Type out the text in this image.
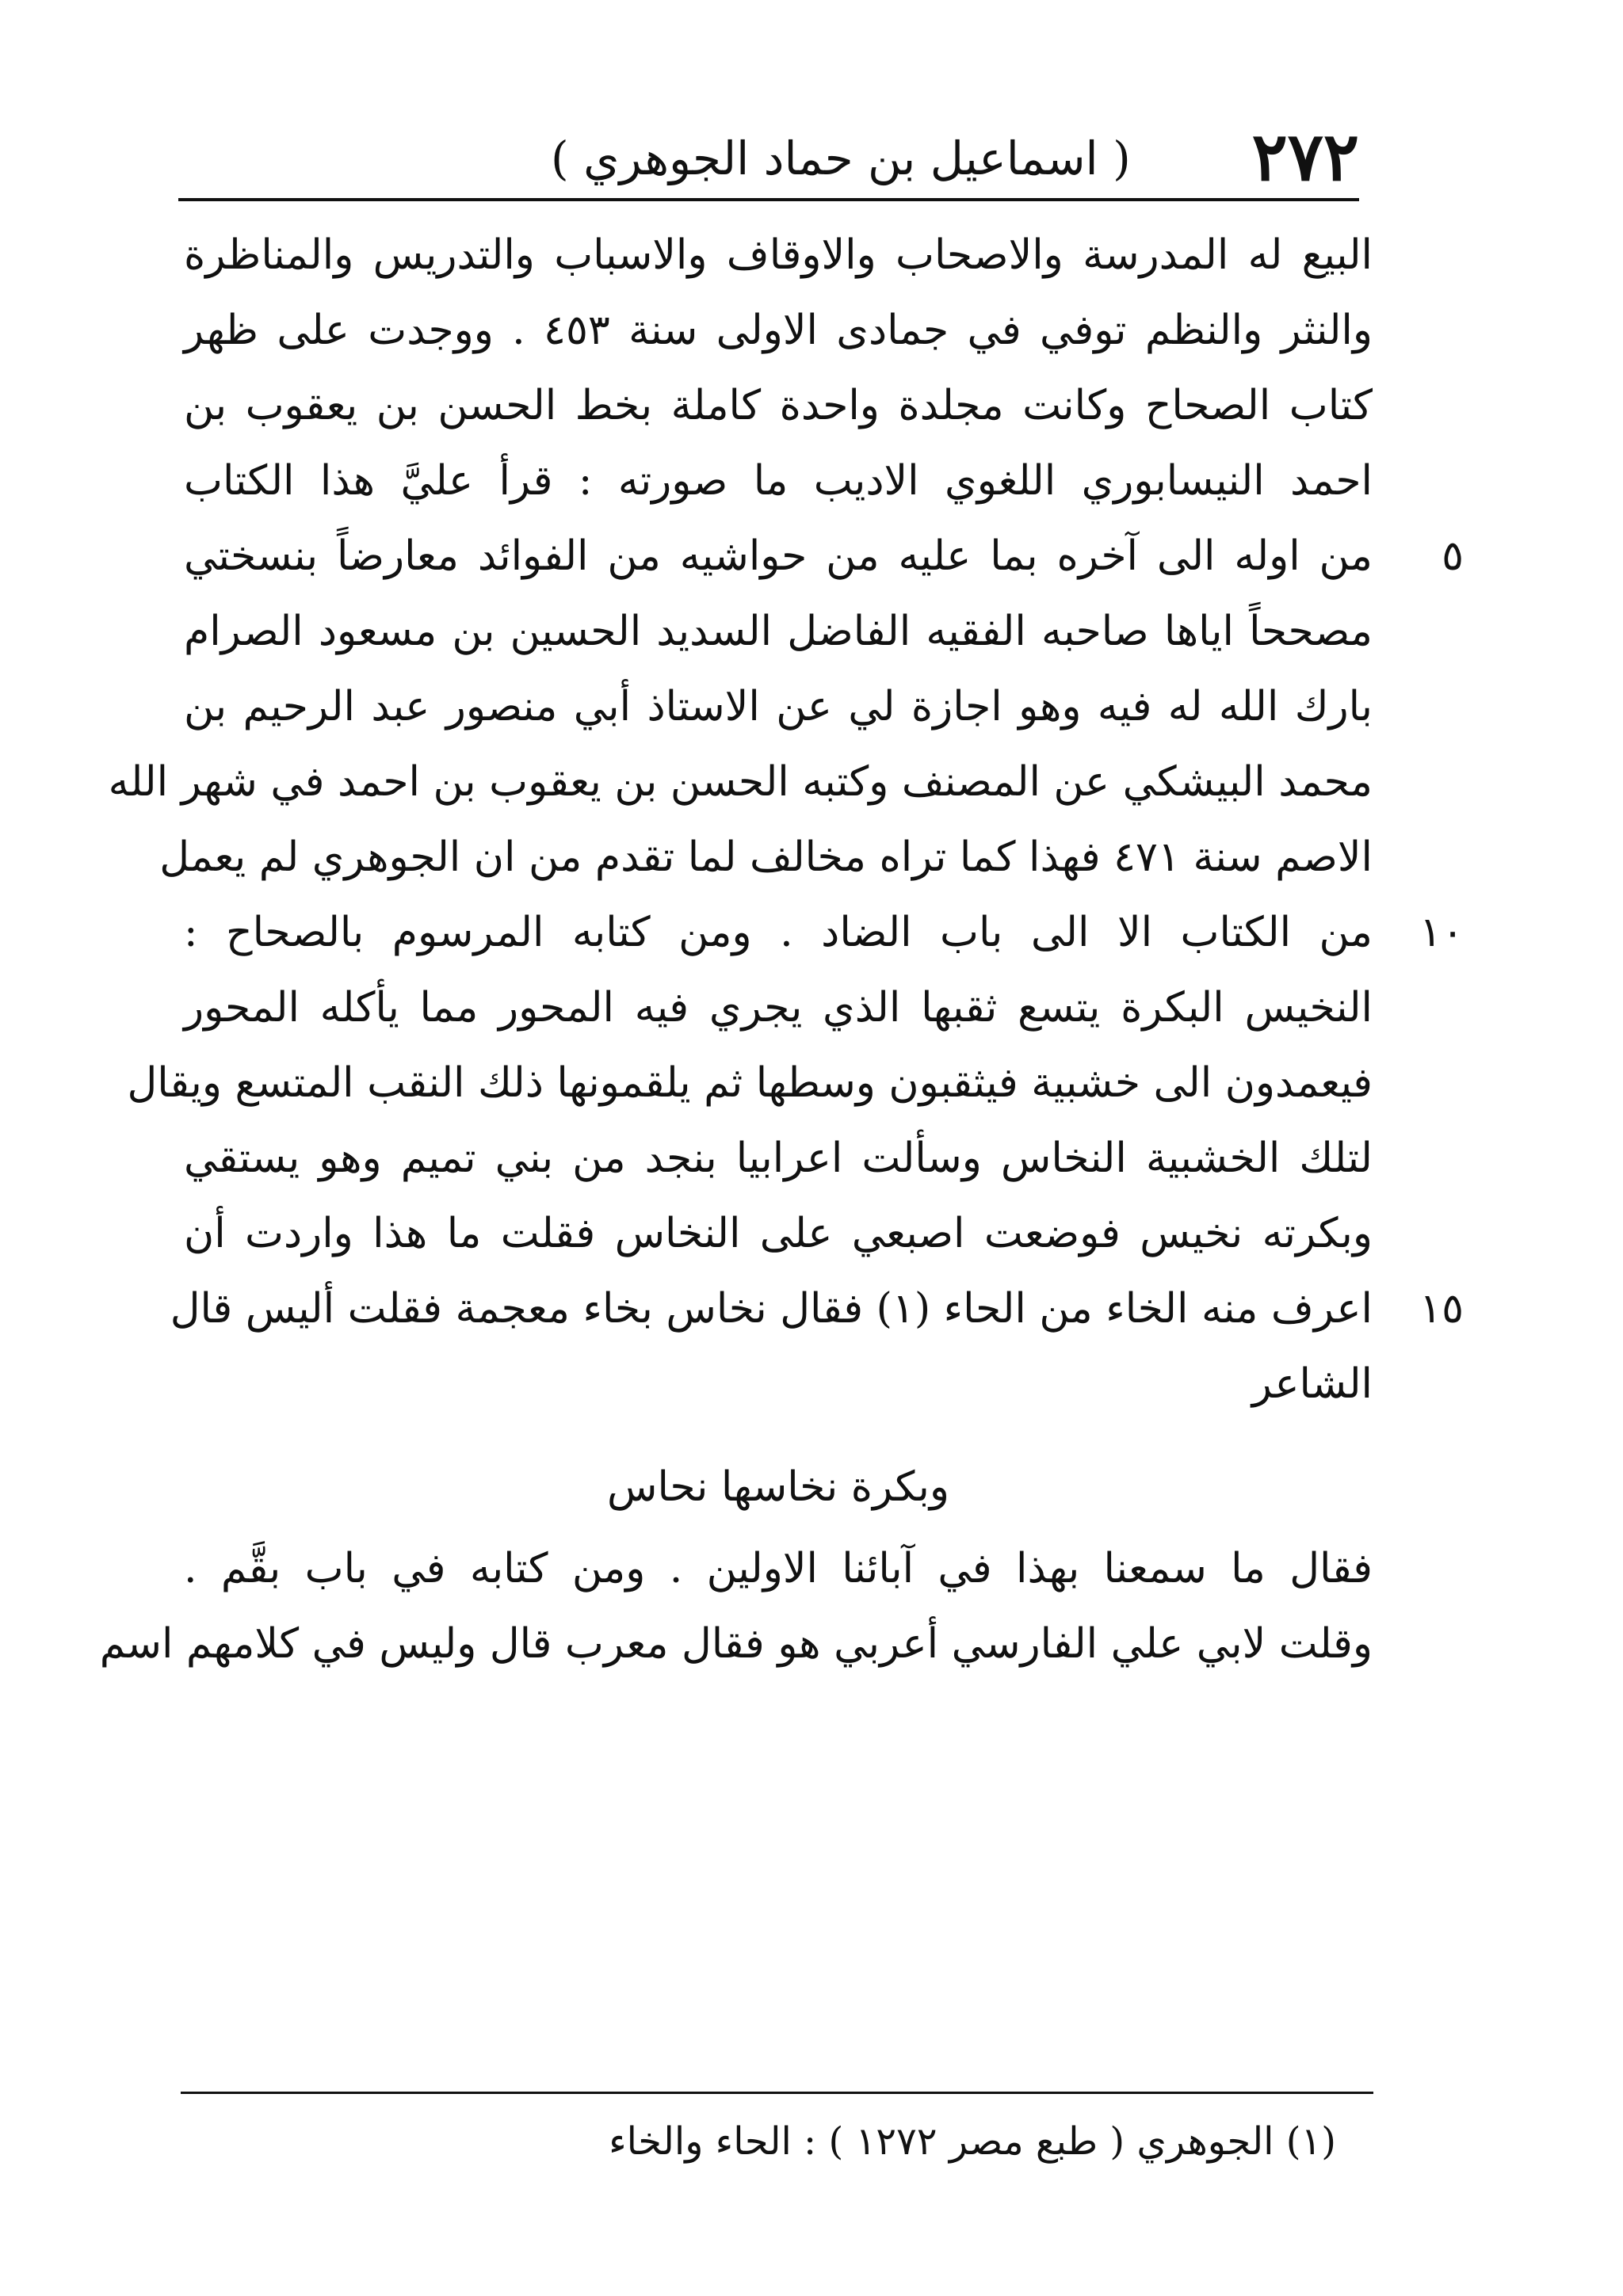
٢٧٢
( اسماعيل بن حماد الجوهري )
البيع له المدرسة والاصحاب والاوقاف والاسباب والتدريس والمناظرة
والنثر والنظم توفي في جمادى الاولى سنة ٤٥٣ . ووجدت على ظهر
كتاب الصحاح وكانت مجلدة واحدة كاملة بخط الحسن بن يعقوب بن
احمد النيسابوري اللغوي الاديب ما صورته : قرأ عليَّ هذا الكتاب
من اوله الى آخره بما عليه من حواشيه من الفوائد معارضاً بنسختي	٥
مصححاً اياها صاحبه الفقيه الفاضل السديد الحسين بن مسعود الصرام
بارك الله له فيه وهو اجازة لي عن الاستاذ أبي منصور عبد الرحيم بن
محمد البيشكي عن المصنف وكتبه الحسن بن يعقوب بن احمد في شهر الله
الاصم سنة ٤٧١ فهذا كما تراه مخالف لما تقدم من ان الجوهري لم يعمل
من الكتاب الا الى باب الضاد . ومن كتابه المرسوم بالصحاح :	١٠
النخيس البكرة يتسع ثقبها الذي يجري فيه المحور مما يأكله المحور
فيعمدون الى خشبية فيثقبون وسطها ثم يلقمونها ذلك النقب المتسع ويقال
لتلك الخشبية النخاس وسألت اعرابيا بنجد من بني تميم وهو يستقي
وبكرته نخيس فوضعت اصبعي على النخاس فقلت ما هذا واردت أن
اعرف منه الخاء من الحاء (١) فقال نخاس بخاء معجمة فقلت أليس قال	١٥
الشاعر
وبكرة نخاسها نحاس
فقال ما سمعنا بهذا في آبائنا الاولين . ومن كتابه في باب بقَّم .
وقلت لابي علي الفارسي أعربي هو فقال معرب قال وليس في كلامهم اسم
(١) الجوهري ( طبع مصر ١٢٧٢ ) : الحاء والخاء
